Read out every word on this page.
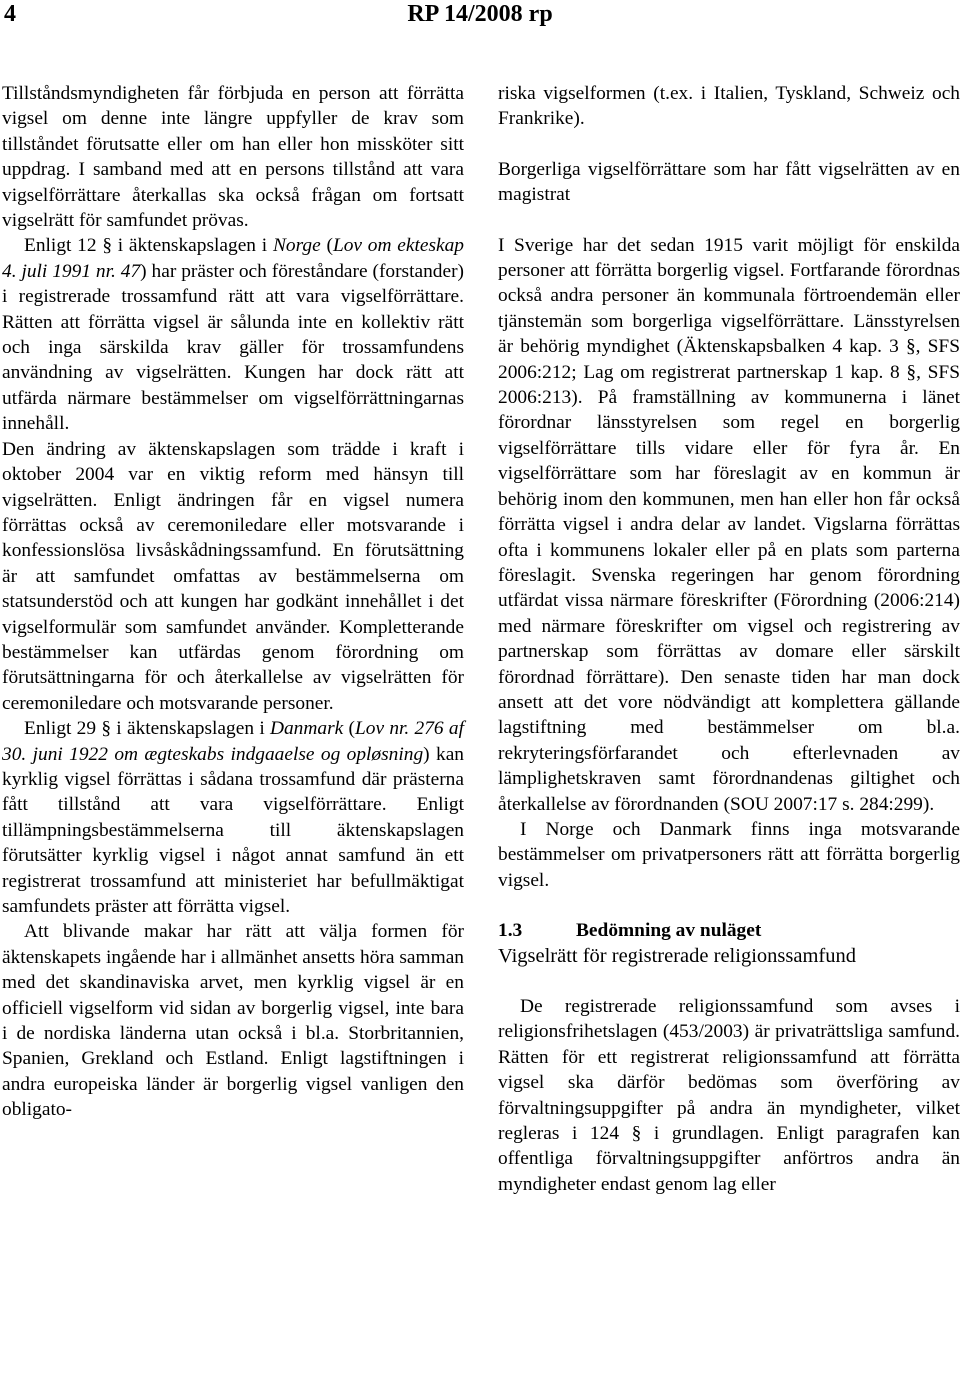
4	RP 14/2008 rp

Tillståndsmyndigheten får förbjuda en person att förrätta vigsel om denne inte längre uppfyller de krav som tillståndet förutsatte eller om han eller hon missköter sitt uppdrag. I samband med att en persons tillstånd att vara vigselförrättare återkallas ska också frågan om fortsatt vigselrätt för samfundet prövas.

Enligt 12 § i äktenskapslagen i Norge (Lov om ekteskap 4. juli 1991 nr. 47) har präster och föreståndare (forstander) i registrerade trossamfund rätt att vara vigselförrättare. Rätten att förrätta vigsel är sålunda inte en kollektiv rätt och inga särskilda krav gäller för trossamfundens användning av vigselrätten. Kungen har dock rätt att utfärda närmare bestämmelser om vigselförrättningarnas innehåll.

Den ändring av äktenskapslagen som trädde i kraft i oktober 2004 var en viktig reform med hänsyn till vigselrätten. Enligt ändringen får en vigsel numera förrättas också av ceremoniledare eller motsvarande i konfessionslösa livsåskådningssamfund. En förutsättning är att samfundet omfattas av bestämmelserna om statsunderstöd och att kungen har godkänt innehållet i det vigselformulär som samfundet använder. Kompletterande bestämmelser kan utfärdas genom förordning om förutsättningarna för och återkallelse av vigselrätten för ceremoniledare och motsvarande personer.

Enligt 29 § i äktenskapslagen i Danmark (Lov nr. 276 af 30. juni 1922 om ægteskabs indgaaelse og opløsning) kan kyrklig vigsel förrättas i sådana trossamfund där prästerna fått tillstånd att vara vigselförrättare. Enligt tillämpningsbestämmelserna till äktenskapslagen förutsätter kyrklig vigsel i något annat samfund än ett registrerat trossamfund att ministeriet har befullmäktigat samfundets präster att förrätta vigsel.

Att blivande makar har rätt att välja formen för äktenskapets ingående har i allmänhet ansetts höra samman med det skandinaviska arvet, men kyrklig vigsel är en officiell vigselform vid sidan av borgerlig vigsel, inte bara i de nordiska länderna utan också i bl.a. Storbritannien, Spanien, Grekland och Estland. Enligt lagstiftningen i andra europeiska länder är borgerlig vigsel vanligen den obligato-

riska vigselformen (t.ex. i Italien, Tyskland, Schweiz och Frankrike).

Borgerliga vigselförrättare som har fått vigselrätten av en magistrat

I Sverige har det sedan 1915 varit möjligt för enskilda personer att förrätta borgerlig vigsel. Fortfarande förordnas också andra personer än kommunala förtroendemän eller tjänstemän som borgerliga vigselförrättare. Länsstyrelsen är behörig myndighet (Äktenskapsbalken 4 kap. 3 §, SFS 2006:212; Lag om registrerat partnerskap 1 kap. 8 §, SFS 2006:213). På framställning av kommunerna i länet förordnar länsstyrelsen som regel en borgerlig vigselförrättare tills vidare eller för fyra år. En vigselförrättare som har föreslagit av en kommun är behörig inom den kommunen, men han eller hon får också förrätta vigsel i andra delar av landet. Vigslarna förrättas ofta i kommunens lokaler eller på en plats som parterna föreslagit. Svenska regeringen har genom förordning utfärdat vissa närmare föreskrifter (Förordning (2006:214) med närmare föreskrifter om vigsel och registrering av partnerskap som förrättas av domare eller särskilt förordnad förrättare). Den senaste tiden har man dock ansett att det vore nödvändigt att komplettera gällande lagstiftning med bestämmelser om bl.a. rekryteringsförfarandet och efterlevnaden av lämplighetskraven samt förordnandenas giltighet och återkallelse av förordnanden (SOU 2007:17 s. 284:299).

I Norge och Danmark finns inga motsvarande bestämmelser om privatpersoners rätt att förrätta borgerlig vigsel.

1.3	Bedömning av nuläget

Vigselrätt för registrerade religionssamfund

De registrerade religionssamfund som avses i religionsfrihetslagen (453/2003) är privaträttsliga samfund. Rätten för ett registrerat religionssamfund att förrätta vigsel ska därför bedömas som överföring av förvaltningsuppgifter på andra än myndigheter, vilket regleras i 124 § i grundlagen. Enligt paragrafen kan offentliga förvaltningsuppgifter anförtros andra än myndigheter endast genom lag eller
